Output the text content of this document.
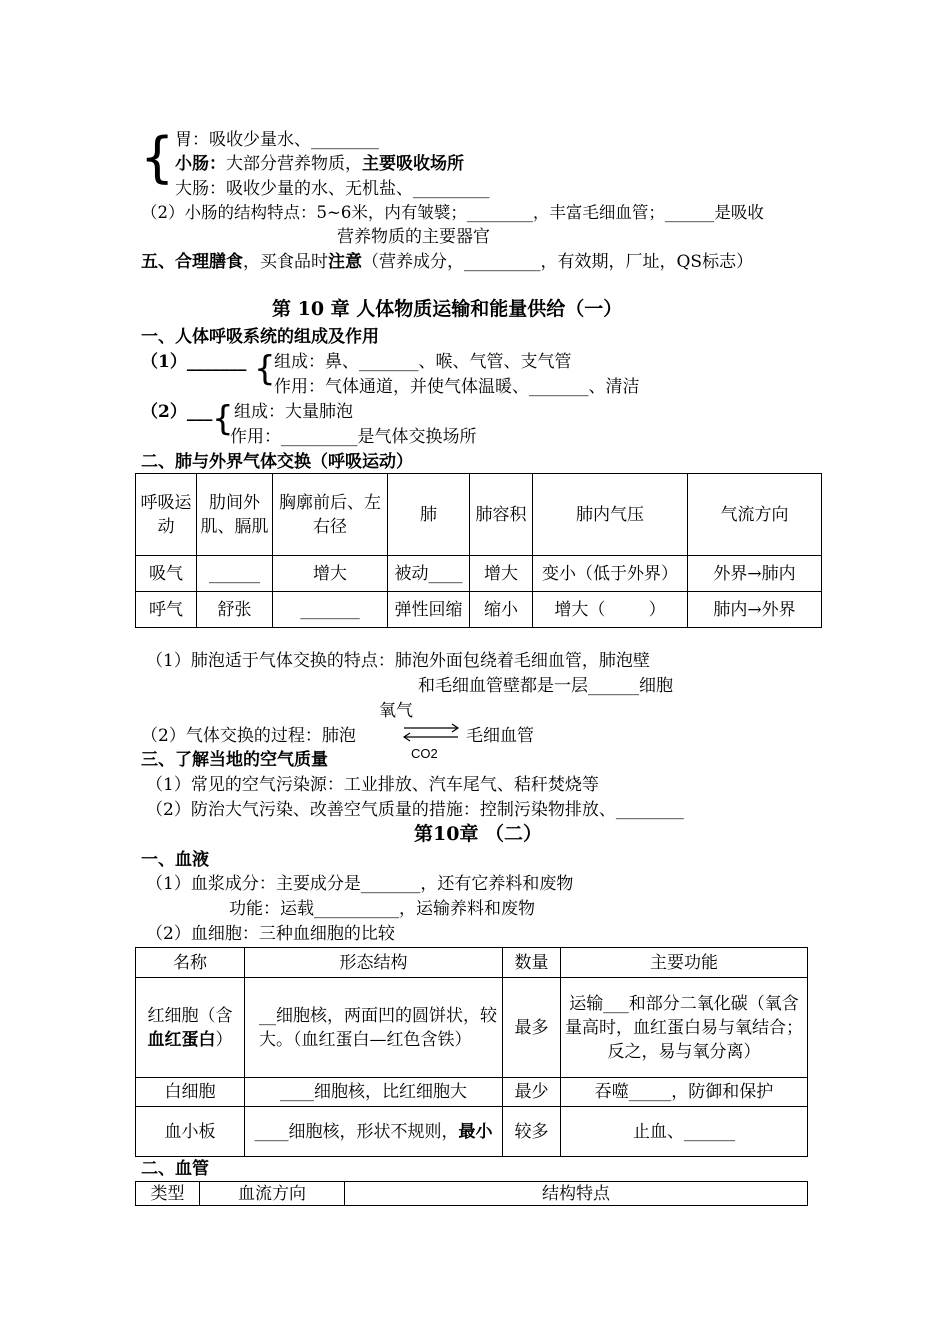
{ 胃：吸收少量水、________
小肠：大部分营养物质，主要吸收场所
大肠：吸收少量的水、无机盐、_________
（2）小肠的结构特点：5~6米，内有皱襞；________，丰富毛细血管；______是吸收
营养物质的主要器官
五、合理膳食，买食品时注意（营养成分，_________，有效期，厂址，QS标志）
第 10 章 人体物质运输和能量供给（一）
一、人体呼吸系统的组成及作用
（1）_______ {
组成：鼻、_______、喉、气管、支气管
作用：气体通道，并使气体温暖、_______、清洁
（2）___ { 组成：大量肺泡
作用：_________是气体交换场所
二、肺与外界气体交换（呼吸运动）
呼吸运动	肋间外肌、膈肌	胸廓前后、左右径	肺	肺容积	肺内气压	气流方向
吸气	______	增大	被动____	增大	变小（低于外界）	外界→肺内
呼气	舒张	_______	弹性回缩	缩小	增大（        ）	肺内→外界
（1）肺泡适于气体交换的特点：肺泡外面包绕着毛细血管，肺泡壁
和毛细血管壁都是一层______细胞
氧气
（2）气体交换的过程：肺泡	毛细血管
CO2
三、了解当地的空气质量
（1）常见的空气污染源：工业排放、汽车尾气、秸秆焚烧等
（2）防治大气污染、改善空气质量的措施：控制污染物排放、________
第10章 （二）
一、血液
（1）血浆成分：主要成分是_______，还有它养料和废物
功能：运载__________，运输养料和废物
（2）血细胞：三种血细胞的比较
名称	形态结构	数量	主要功能
红细胞（含
血红蛋白）	__细胞核，两面凹的圆饼状，较大。（血红蛋白—红色含铁）	最多	运输___和部分二氧化碳（氧含量高时，血红蛋白易与氧结合；反之，易与氧分离）
白细胞	____细胞核，比红细胞大	最少	吞噬_____，防御和保护
血小板	____细胞核，形状不规则，最小	较多	止血、______
二、血管
类型	血流方向	结构特点
